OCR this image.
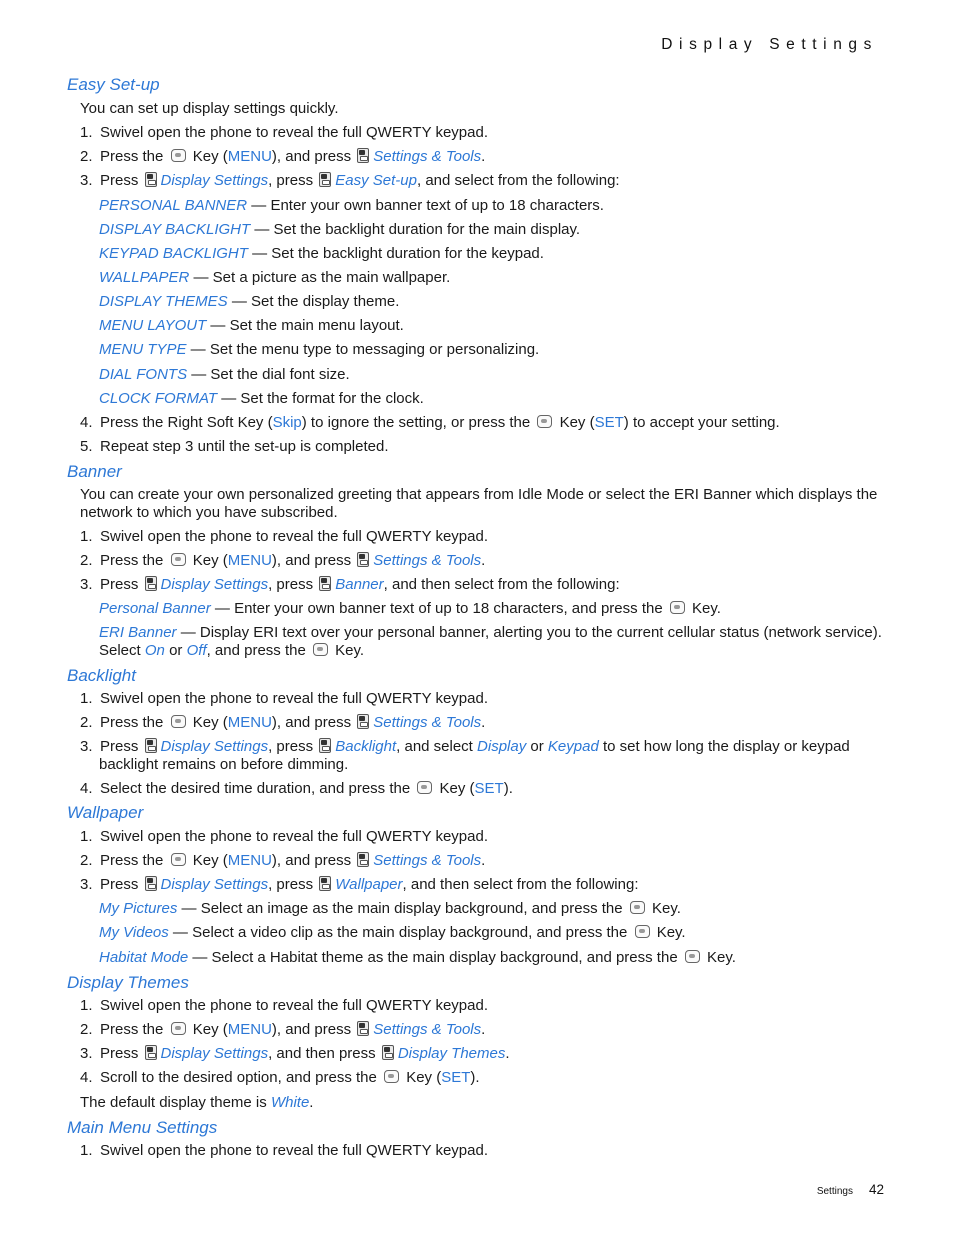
Display Settings
Easy Set-up
You can set up display settings quickly.
1. Swivel open the phone to reveal the full QWERTY keypad.
2. Press the Key (MENU), and press Settings & Tools.
3. Press Display Settings, press Easy Set-up, and select from the following:
PERSONAL BANNER — Enter your own banner text of up to 18 characters.
DISPLAY BACKLIGHT — Set the backlight duration for the main display.
KEYPAD BACKLIGHT — Set the backlight duration for the keypad.
WALLPAPER — Set a picture as the main wallpaper.
DISPLAY THEMES — Set the display theme.
MENU LAYOUT — Set the main menu layout.
MENU TYPE — Set the menu type to messaging or personalizing.
DIAL FONTS — Set the dial font size.
CLOCK FORMAT — Set the format for the clock.
4. Press the Right Soft Key (Skip) to ignore the setting, or press the Key (SET) to accept your setting.
5. Repeat step 3 until the set-up is completed.
Banner
You can create your own personalized greeting that appears from Idle Mode or select the ERI Banner which displays the network to which you have subscribed.
1. Swivel open the phone to reveal the full QWERTY keypad.
2. Press the Key (MENU), and press Settings & Tools.
3. Press Display Settings, press Banner, and then select from the following:
Personal Banner — Enter your own banner text of up to 18 characters, and press the Key.
ERI Banner — Display ERI text over your personal banner, alerting you to the current cellular status (network service).
Select On or Off, and press the Key.
Backlight
1. Swivel open the phone to reveal the full QWERTY keypad.
2. Press the Key (MENU), and press Settings & Tools.
3. Press Display Settings, press Backlight, and select Display or Keypad to set how long the display or keypad
backlight remains on before dimming.
4. Select the desired time duration, and press the Key (SET).
Wallpaper
1. Swivel open the phone to reveal the full QWERTY keypad.
2. Press the Key (MENU), and press Settings & Tools.
3. Press Display Settings, press Wallpaper, and then select from the following:
My Pictures — Select an image as the main display background, and press the Key.
My Videos — Select a video clip as the main display background, and press the Key.
Habitat Mode — Select a Habitat theme as the main display background, and press the Key.
Display Themes
1. Swivel open the phone to reveal the full QWERTY keypad.
2. Press the Key (MENU), and press Settings & Tools.
3. Press Display Settings, and then press Display Themes.
4. Scroll to the desired option, and press the Key (SET).
The default display theme is White.
Main Menu Settings
1. Swivel open the phone to reveal the full QWERTY keypad.
Settings 42
